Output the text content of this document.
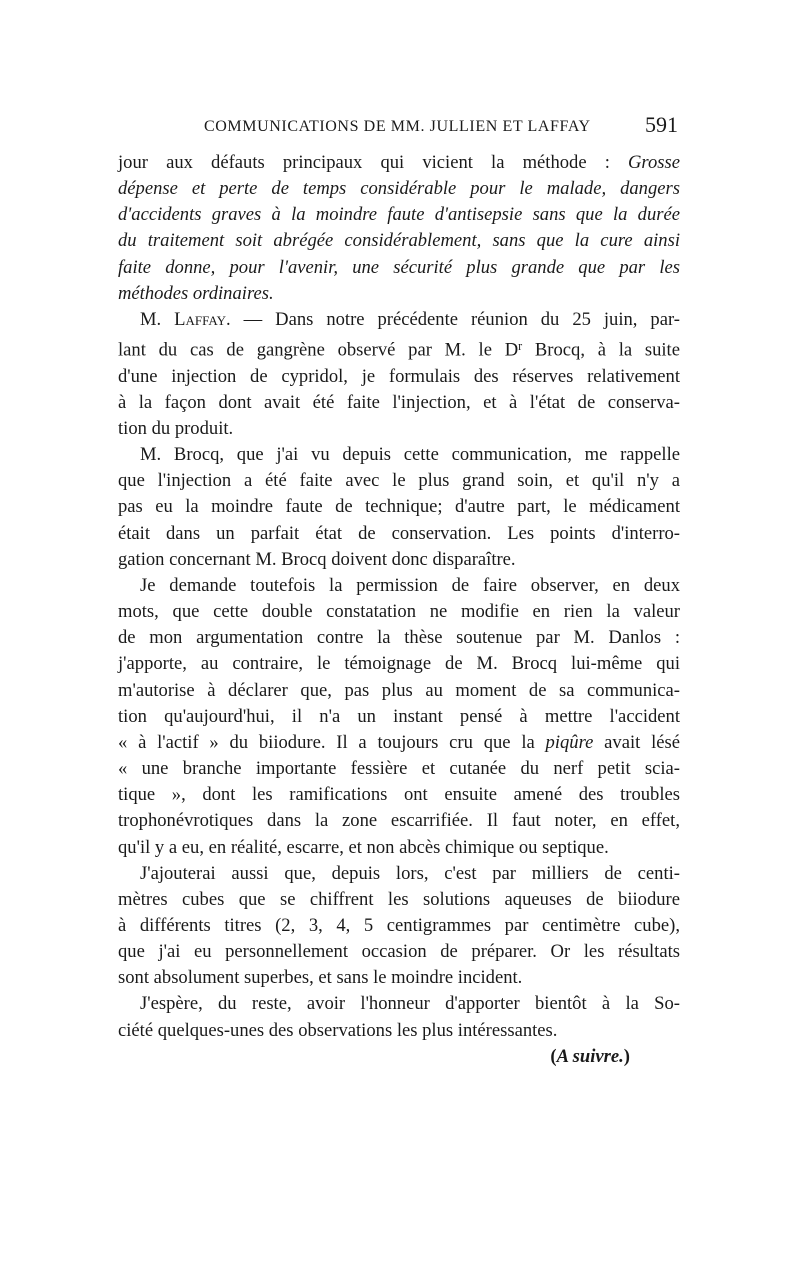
COMMUNICATIONS DE MM. JULLIEN ET LAFFAY 591
jour aux défauts principaux qui vicient la méthode : Grosse
dépense et perte de temps considérable pour le malade, dangers
d'accidents graves à la moindre faute d'antisepsie sans que la durée
du traitement soit abrégée considérablement, sans que la cure ainsi
faite donne, pour l'avenir, une sécurité plus grande que par les
méthodes ordinaires.
M. Laffay. — Dans notre précédente réunion du 25 juin, par-
lant du cas de gangrène observé par M. le $D^r$ Brocq, à la suite
d'une injection de cypridol, je formulais des réserves relativement
à la façon dont avait été faite l'injection, et à l'état de conserva-
tion du produit.
M. Brocq, que j'ai vu depuis cette communication, me rappelle
que l'injection a été faite avec le plus grand soin, et qu'il n'y a
pas eu la moindre faute de technique; d'autre part, le médicament
était dans un parfait état de conservation. Les points d'interro-
gation concernant M. Brocq doivent donc disparaître.
Je demande toutefois la permission de faire observer, en deux
mots, que cette double constatation ne modifie en rien la valeur
de mon argumentation contre la thèse soutenue par M. Danlos :
j'apporte, au contraire, le témoignage de M. Brocq lui-même qui
m'autorise à déclarer que, pas plus au moment de sa communica-
tion qu'aujourd'hui, il n'a un instant pensé à mettre l'accident
« à l'actif » du biiodure. Il a toujours cru que la piqûre avait lésé
« une branche importante fessière et cutanée du nerf petit scia-
tique », dont les ramifications ont ensuite amené des troubles
trophonévrotiques dans la zone escarrifiée. Il faut noter, en effet,
qu'il y a eu, en réalité, escarre, et non abcès chimique ou septique.
J'ajouterai aussi que, depuis lors, c'est par milliers de centi-
mètres cubes que se chiffrent les solutions aqueuses de biiodure
à différents titres (2, 3, 4, 5 centigrammes par centimètre cube),
que j'ai eu personnellement occasion de préparer. Or les résultats
sont absolument superbes, et sans le moindre incident.
J'espère, du reste, avoir l'honneur d'apporter bientôt à la So-
ciété quelques-unes des observations les plus intéressantes.
(A suivre.)
